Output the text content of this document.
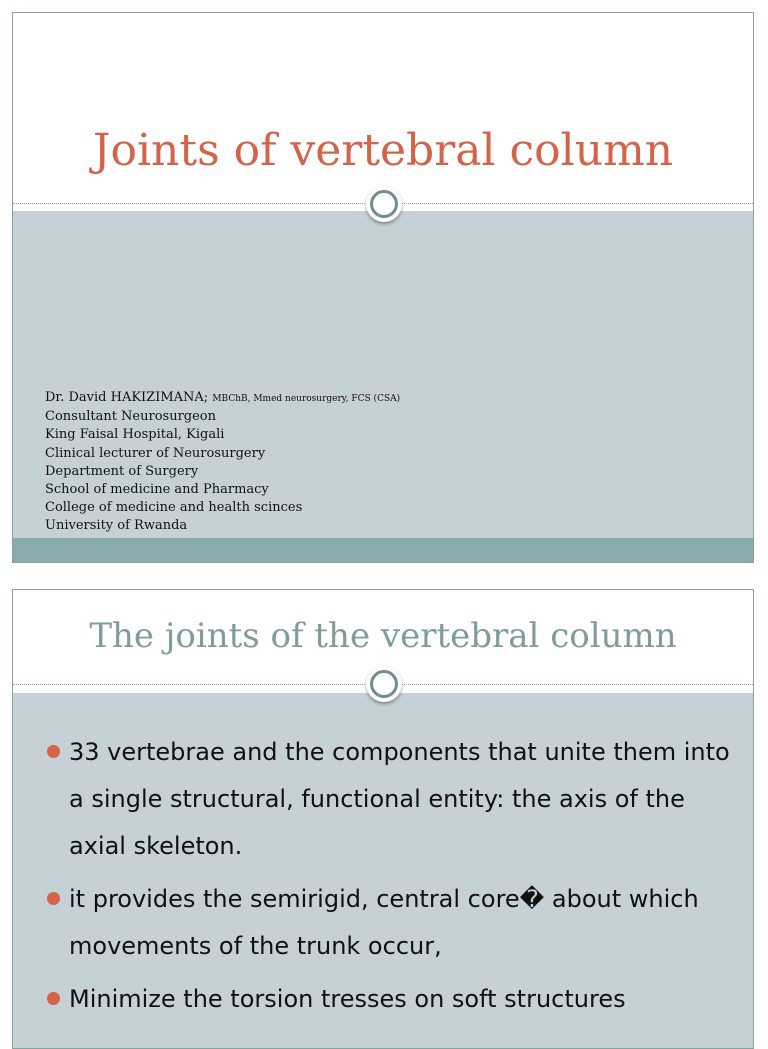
Joints of vertebral column
Dr. David HAKIZIMANA; MBChB, Mmed neurosurgery, FCS (CSA)
Consultant Neurosurgeon
King Faisal Hospital, Kigali
Clinical lecturer of Neurosurgery
Department of Surgery
School of medicine and Pharmacy
College of medicine and health scinces
University of Rwanda
The joints of the vertebral column
33 vertebrae and the components that unite them into a single structural, functional entity: the axis of the axial skeleton.
it provides the semirigid, central core� about which movements of the trunk occur,
Minimize the torsion tresses on soft structures
